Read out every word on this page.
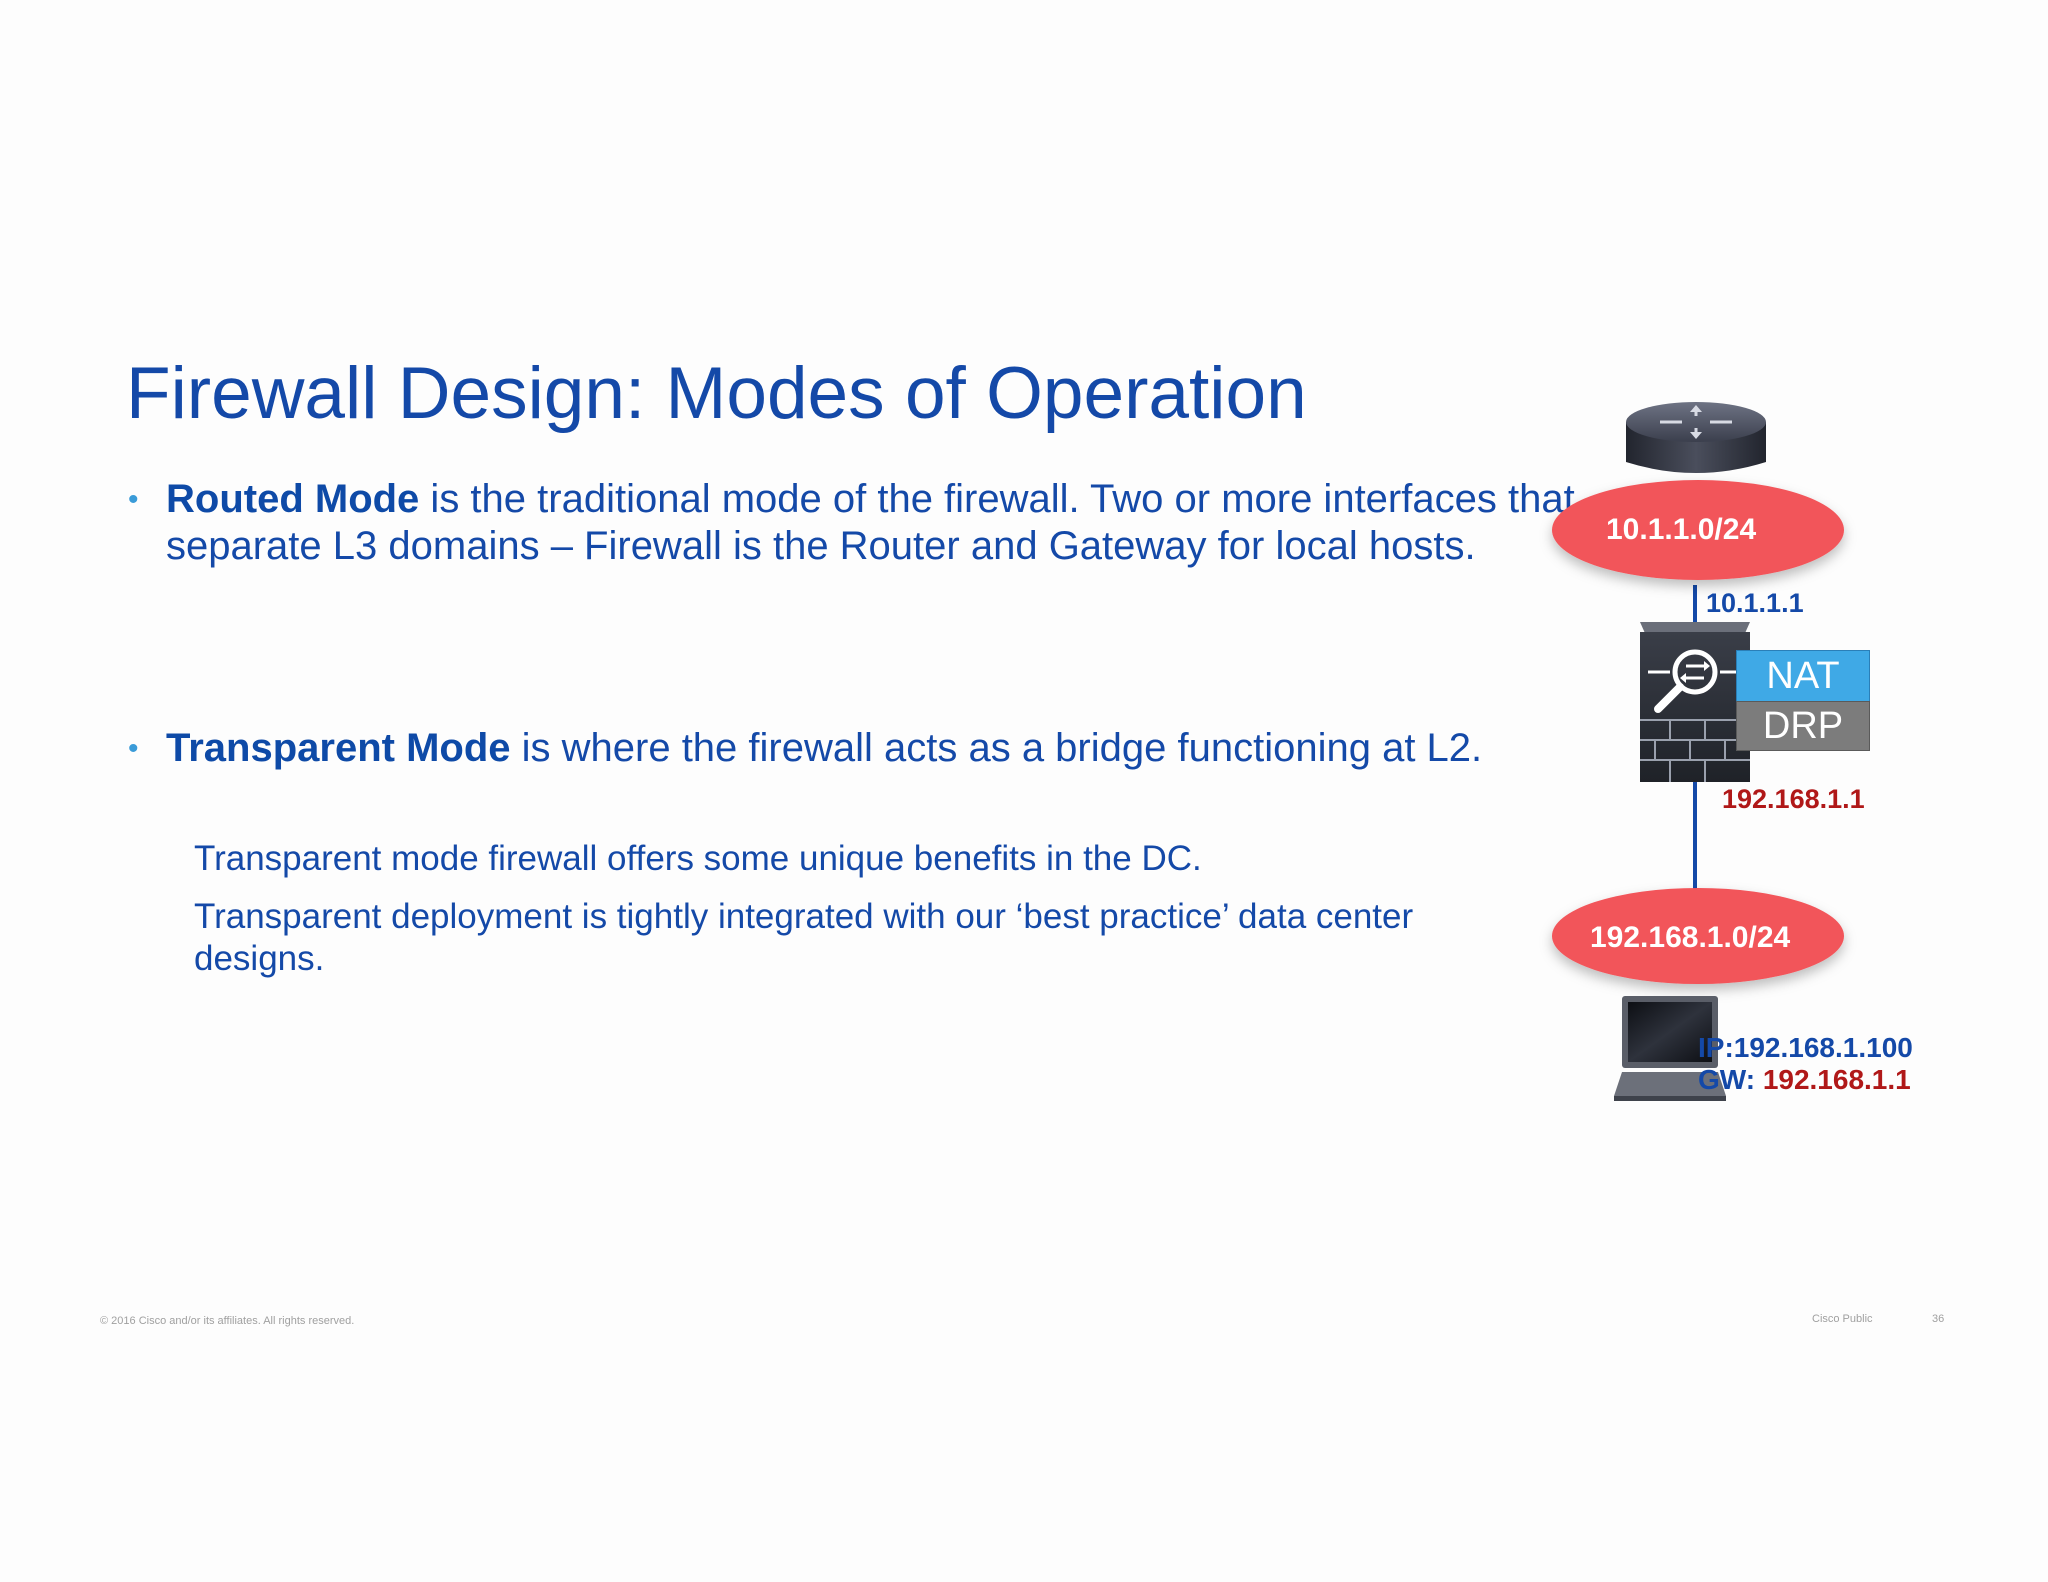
Firewall Design: Modes of Operation
• Routed Mode is the traditional mode of the firewall. Two or more interfaces that separate L3 domains – Firewall is the Router and Gateway for local hosts.
• Transparent Mode is where the firewall acts as a bridge functioning at L2.
Transparent mode firewall offers some unique benefits in the DC.
Transparent deployment is tightly integrated with our ‘best practice’ data center designs.
10.1.1.0/24
10.1.1.1
NAT
DRP
192.168.1.1
192.168.1.0/24
IP:192.168.1.100
GW: 192.168.1.1
© 2016 Cisco and/or its affiliates. All rights reserved.	Cisco Public	36
